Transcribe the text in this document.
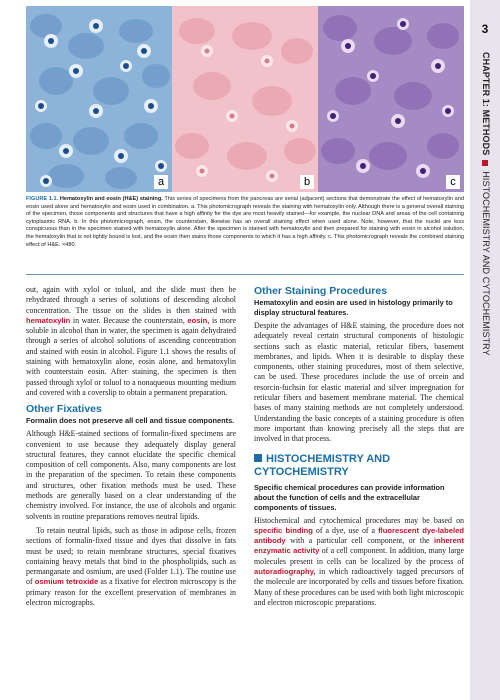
a	b	c
FIGURE 1.1. Hematoxylin and eosin (H&E) staining. This series of specimens from the pancreas are serial (adjacent) sections that demonstrate the effect of hematoxylin and eosin used alone and hematoxylin and eosin used in combination. a. This photomicrograph reveals the staining with hematoxylin only. Although there is a general overall staining of the specimen, those components and structures that have a high affinity for the dye are most heavily stained—for example, the nuclear DNA and areas of the cell containing cytoplasmic RNA. b. In this photomicrograph, eosin, the counterstain, likewise has an overall staining effect when used alone. Note, however, that the nuclei are less conspicuous than in the specimen stained with hematoxylin alone. After the specimen is stained with hematoxylin and then prepared for staining with eosin in alcohol solution, the hematoxylin that is not tightly bound is lost, and the eosin then stains those components to which it has a high affinity. c. This photomicrograph reveals the combined staining effect of H&E. ×480.
3
CHAPTER 1: METHODSHISTOCHEMISTRY AND CYTOCHEMISTRY

out, again with xylol or toluol, and the slide must then be rehydrated through a series of solutions of descending alcohol concentration. The tissue on the slides is then stained with hematoxylin in water. Because the counterstain, eosin, is more soluble in alcohol than in water, the specimen is again dehydrated through a series of alcohol solutions of ascending concentration and stained with eosin in alcohol. Figure 1.1 shows the results of staining with hematoxylin alone, eosin alone, and hematoxylin with counterstain eosin. After staining, the specimen is then passed through xylol or toluol to a nonaqueous mounting medium and covered with a coverslip to obtain a permanent preparation.

Other Fixatives

Formalin does not preserve all cell and tissue components.

Although H&E-stained sections of formalin-fixed specimens are convenient to use because they adequately display general structural features, they cannot elucidate the specific chemical composition of cell components. Also, many components are lost in the preparation of the specimen. To retain these components and structures, other fixation methods must be used. These methods are generally based on a clear understanding of the chemistry involved. For instance, the use of alcohols and organic solvents in routine preparations removes neutral lipids.

To retain neutral lipids, such as those in adipose cells, frozen sections of formalin-fixed tissue and dyes that dissolve in fats must be used; to retain membrane structures, special fixatives containing heavy metals that bind to the phospholipids, such as permanganate and osmium, are used (Folder 1.1). The routine use of osmium tetroxide as a fixative for electron microscopy is the primary reason for the excellent preservation of membranes in electron micrographs.

Other Staining Procedures

Hematoxylin and eosin are used in histology primarily to display structural features.

Despite the advantages of H&E staining, the procedure does not adequately reveal certain structural components of histologic sections such as elastic material, reticular fibers, basement membranes, and lipids. When it is desirable to display these components, other staining procedures, most of them selective, can be used. These procedures include the use of orcein and resorcin-fuchsin for elastic material and silver impregnation for reticular fibers and basement membrane material. The chemical bases of many staining methods are not completely understood. Understanding the basic concepts of a staining procedure is often more important than knowing precisely all the steps that are involved in that process.

HISTOCHEMISTRY AND CYTOCHEMISTRY

Specific chemical procedures can provide information about the function of cells and the extracellular components of tissues.

Histochemical and cytochemical procedures may be based on specific binding of a dye, use of a fluorescent dye-labeled antibody with a particular cell component, or the inherent enzymatic activity of a cell component. In addition, many large molecules present in cells can be localized by the process of autoradiography, in which radioactively tagged precursors of the molecule are incorporated by cells and tissues before fixation. Many of these procedures can be used with both light microscopic and electron microscopic preparations.
